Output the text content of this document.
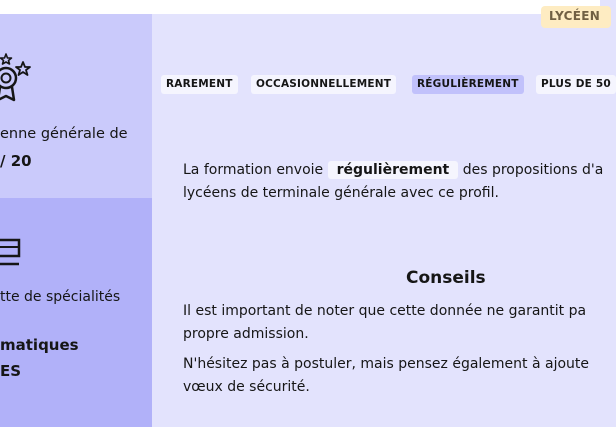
LYCÉEN
enne générale de
/ 20
tte de spécialités
matiques
ES
RAREMENT	OCCASIONNELLEMENT	RÉGULIÈREMENT	PLUS DE 50
La formation envoie régulièrement des propositions d'a
lycéens de terminale générale avec ce profil.
Conseils
Il est important de noter que cette donnée ne garantit pa
propre admission.
N'hésitez pas à postuler, mais pensez également à ajoute
vœux de sécurité.
